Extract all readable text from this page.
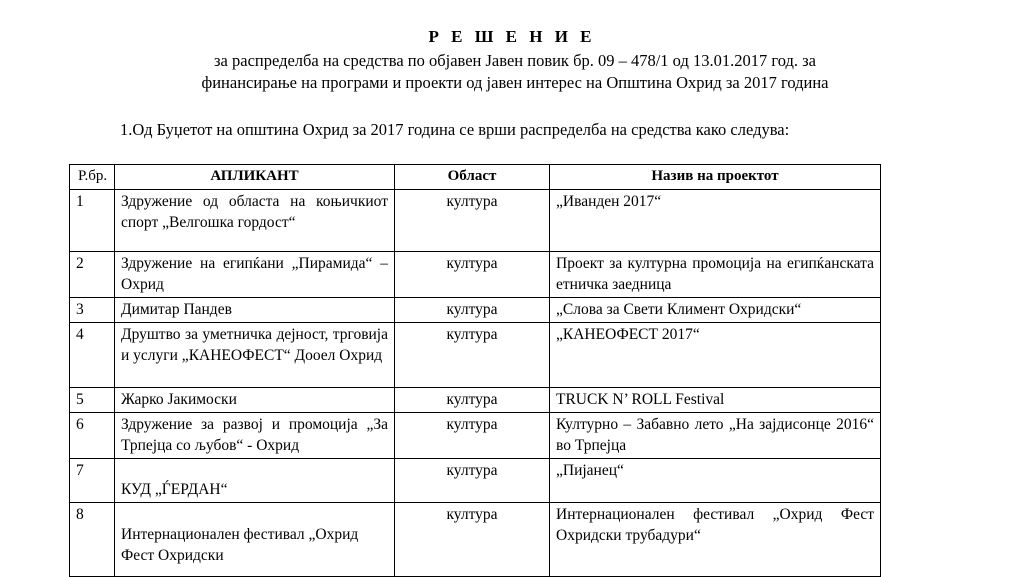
Р Е Ш Е Н И Е
за распределба на средства по објавен Јавен повик бр. 09 – 478/1 од 13.01.2017 год. за
финансирање на програми и проекти од јавен интерес на Општина Охрид за 2017 година
1.Од Буџетот на општина Охрид за 2017 година се врши распределба на средства како следува:
Р.бр.	АПЛИКАНТ	Област	Назив на проектот
1	Здружение од областа на коњичкиот спорт „Велгошка гордост“	култура	„Иванден 2017“
2	Здружение на египќани „Пирамида“ – Охрид	култура	Проект за културна промоција на египќанската етничка заедница
3	Димитар Пандев	култура	„Слова за Свети Климент Охридски“
4	Друштво за уметничка дејност, трговија и услуги „КАНЕОФЕСТ“ Дооел Охрид	култура	„КАНЕОФЕСТ 2017“
5	Жарко Јакимоски	култура	TRUCK N’ ROLL Festival
6	Здружение за развој и промоција „За Трпејца со љубов“ - Охрид	култура	Културно – Забавно лето „На зајдисонце 2016“ во Трпејца
7	КУД „ЃЕРДАН“	култура	„Пијанец“
8	Интернационален фестивал „Охрид Фест Охридски	култура	Интернационален фестивал „Охрид Фест Охридски трубадури“
